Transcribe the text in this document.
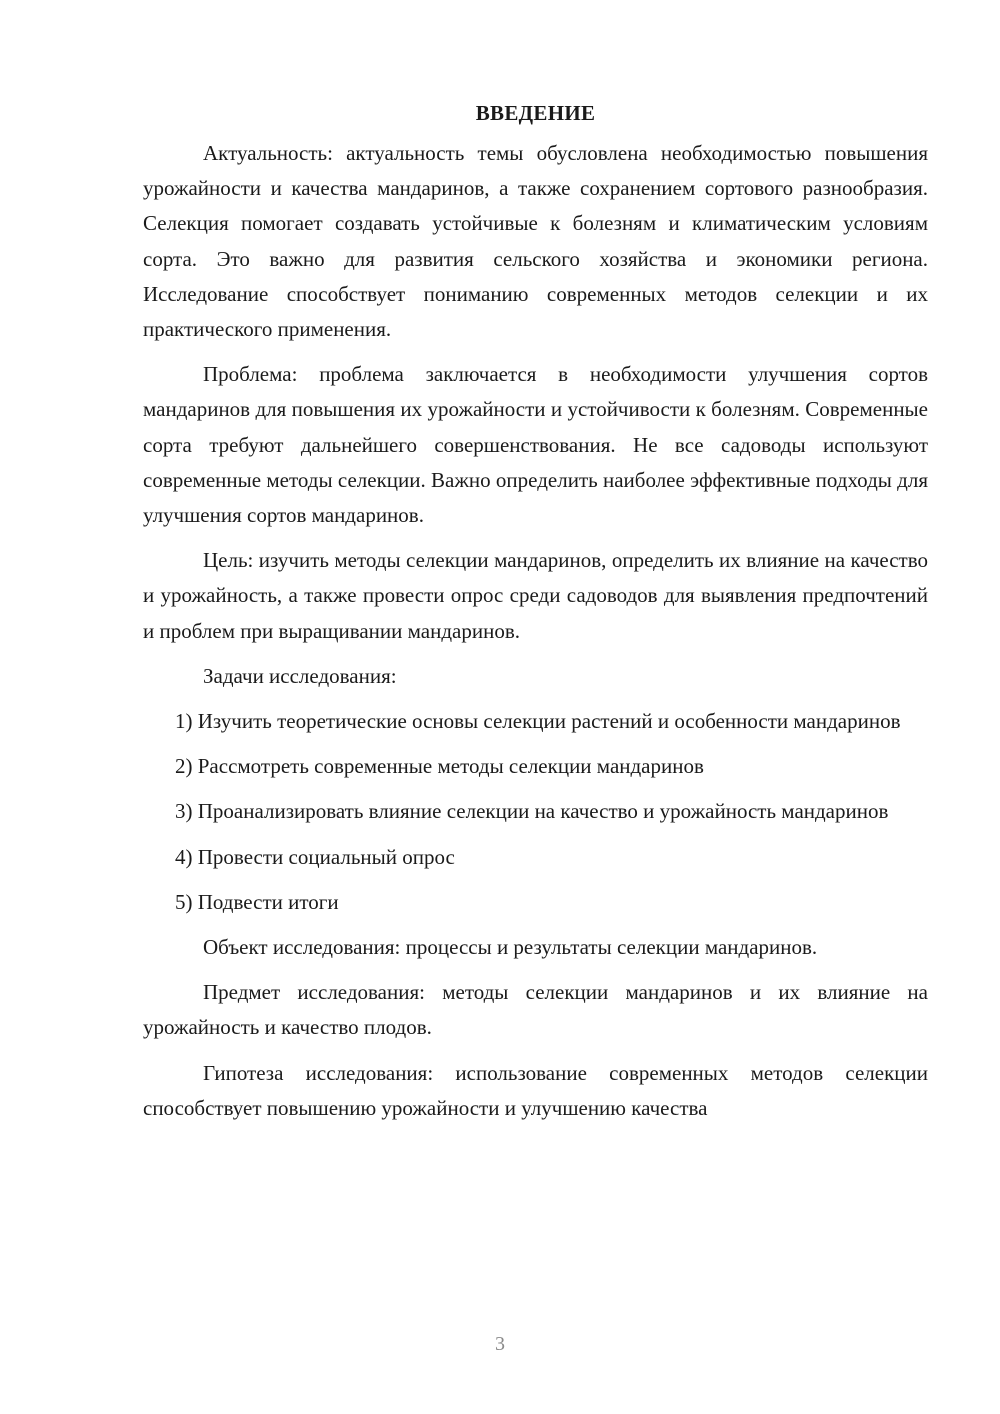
ВВЕДЕНИЕ

Актуальность: актуальность темы обусловлена необходимостью повышения урожайности и качества мандаринов, а также сохранением сортового разнообразия. Селекция помогает создавать устойчивые к болезням и климатическим условиям сорта. Это важно для развития сельского хозяйства и экономики региона. Исследование способствует пониманию современных методов селекции и их практического применения.

Проблема: проблема заключается в необходимости улучшения сортов мандаринов для повышения их урожайности и устойчивости к болезням. Современные сорта требуют дальнейшего совершенствования. Не все садоводы используют современные методы селекции. Важно определить наиболее эффективные подходы для улучшения сортов мандаринов.

Цель: изучить методы селекции мандаринов, определить их влияние на качество и урожайность, а также провести опрос среди садоводов для выявления предпочтений и проблем при выращивании мандаринов.

Задачи исследования:

1) Изучить теоретические основы селекции растений и особенности мандаринов

2) Рассмотреть современные методы селекции мандаринов

3) Проанализировать влияние селекции на качество и урожайность мандаринов

4) Провести социальный опрос

5) Подвести итоги

Объект исследования: процессы и результаты селекции мандаринов.

Предмет исследования: методы селекции мандаринов и их влияние на урожайность и качество плодов.

Гипотеза исследования: использование современных методов селекции способствует повышению урожайности и улучшению качества

3
